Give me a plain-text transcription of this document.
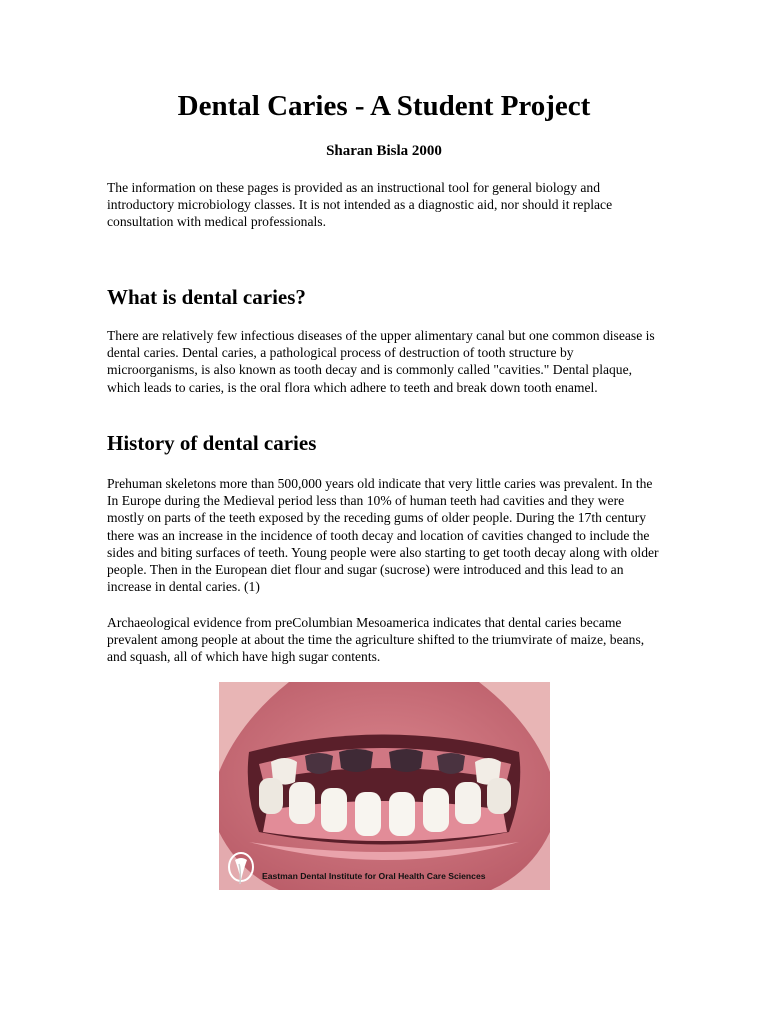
Dental Caries - A Student Project
Sharan Bisla 2000

The information on these pages is provided as an instructional tool for general biology and introductory microbiology classes. It is not intended as a diagnostic aid, nor should it replace consultation with medical professionals.

What is dental caries?

There are relatively few infectious diseases of the upper alimentary canal but one common disease is dental caries. Dental caries, a pathological process of destruction of tooth structure by microorganisms, is also known as tooth decay and is commonly called "cavities." Dental plaque, which leads to caries, is the oral flora which adhere to teeth and break down tooth enamel.

History of dental caries

Prehuman skeletons more than 500,000 years old indicate that very little caries was prevalent. In the In Europe during the Medieval period less than 10% of human teeth had cavities and they were mostly on parts of the teeth exposed by the receding gums of older people. During the 17th century there was an increase in the incidence of tooth decay and location of cavities changed to include the sides and biting surfaces of teeth. Young people were also starting to get tooth decay along with older people. Then in the European diet flour and sugar (sucrose) were introduced and this lead to an increase in dental caries. (1)

Archaeological evidence from preColumbian Mesoamerica indicates that dental caries became prevalent among people at about the time the agriculture shifted to the triumvirate of maize, beans, and squash, all of which have high sugar contents.

Eastman Dental Institute for Oral Health Care Sciences
